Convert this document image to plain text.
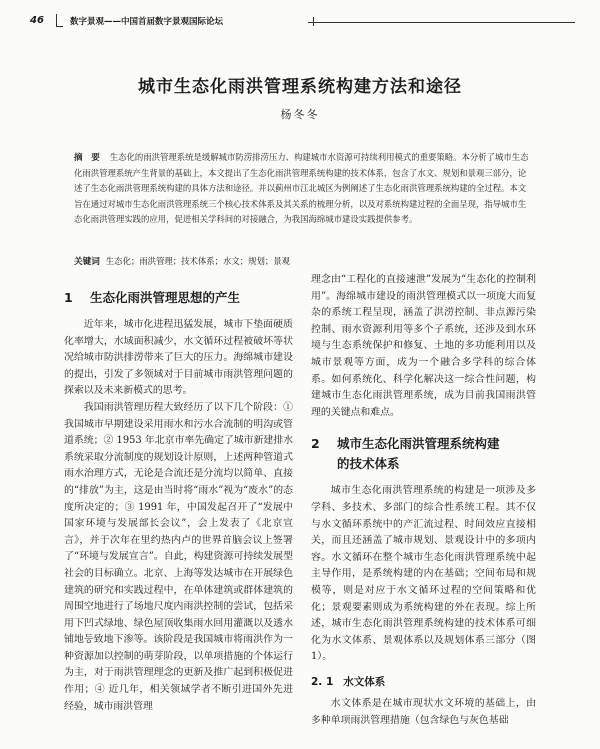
46	数字景观——中国首届数字景观国际论坛
城市生态化雨洪管理系统构建方法和途径
杨冬冬
摘　要 生态化的雨洪管理系统是缓解城市防涝排涝压力、构建城市水资源可持续利用模式的重要策略。本分析了城市生态化雨洪管理系统产生背景的基础上，本文提出了生态化雨洪管理系统构建的技术体系，包含了水文、规划和景观三部分，论述了生态化雨洪管理系统构建的具体方法和途径。并以蓟州市江北城区为例阐述了生态化雨洪管理系统构建的全过程。本文旨在通过对城市生态化雨洪管理系统三个核心技术体系及其关系的梳理分析，以及对系统构建过程的全面呈现，指导城市生态化雨洪管理实践的应用，促进相关学科间的对接融合，为我国海绵城市建设实践提供参考。
关键词 生态化；雨洪管理；技术体系；水文；规划；景观
1 生态化雨洪管理思想的产生

近年来，城市化进程迅猛发展，城市下垫面硬质化率增大，水域面积减少，水文循环过程被破坏等状况给城市防洪排涝带来了巨大的压力。海绵城市建设的提出，引发了多领域对于目前城市雨洪管理问题的探索以及未来新模式的思考。

我国雨洪管理历程大致经历了以下几个阶段：① 我国城市早期建设采用雨水和污水合流制的明沟或管道系统；② 1953 年北京市率先确定了城市新建排水系统采取分流制度的规划设计原则，上述两种管道式雨水治理方式，无论是合流还是分流均以简单、直接的“排放”为主，这是由当时将“雨水”视为“废水”的态度所决定的；③ 1991 年，中国发起召开了“发展中国家环境与发展部长会议”，会上发表了《北京宣言》，并于次年在里约热内卢的世界首脑会议上签署了“环境与发展宣言”。自此，构建资源可持续发展型社会的目标确立。北京、上海等发达城市在开展绿色建筑的研究和实践过程中，在单体建筑或群体建筑的周围空地进行了场地尺度内雨洪控制的尝试，包括采用下凹式绿地、绿色屋顶收集雨水回用灌溉以及透水铺地등致地下渗等。该阶段是我国城市将雨洪作为一种资源加以控制的萌芽阶段，以单项措施的个体运行为主，对于雨洪管理理念的更新及推广起到积极促进作用；④ 近几年，相关领域学者不断引进国外先进经验，城市雨洪管理

理念由“工程化的直接速泄”发展为“生态化的控制利用”。海绵城市建设的雨洪管理模式以一项庞大而复杂的系统工程呈现，涵盖了洪涝控制、非点源污染控制、雨水资源利用等多个子系统，还涉及到水环境与生态系统保护和修复、土地的多功能利用以及城市景观等方面，成为一个融合多学科的综合体系。如何系统化、科学化解决这一综合性问题，构建城市生态化雨洪管理系统，成为目前我国雨洪管理的关键点和难点。

2 城市生态化雨洪管理系统构建
的技术体系

城市生态化雨洪管理系统的构建是一项涉及多学科、多技术、多部门的综合性系统工程。其不仅与水文循环系统中的产汇流过程、时间效应直接相关，而且还涵盖了城市规划、景观设计中的多项内容。水文循环在整个城市生态化雨洪管理系统中起主导作用，是系统构建的内在基础；空间布局和规模等，则是对应于水文循环过程的空间策略和优化；景观要素则成为系统构建的外在表现。综上所述，城市生态化雨洪管理系统构建的技术体系可细化为水文体系、景观体系以及规划体系三部分（图 1）。

2. 1 水文体系

水文体系是在城市现状水文环境的基础上，由多种单项雨洪管理措施（包含绿色与灰色基础
